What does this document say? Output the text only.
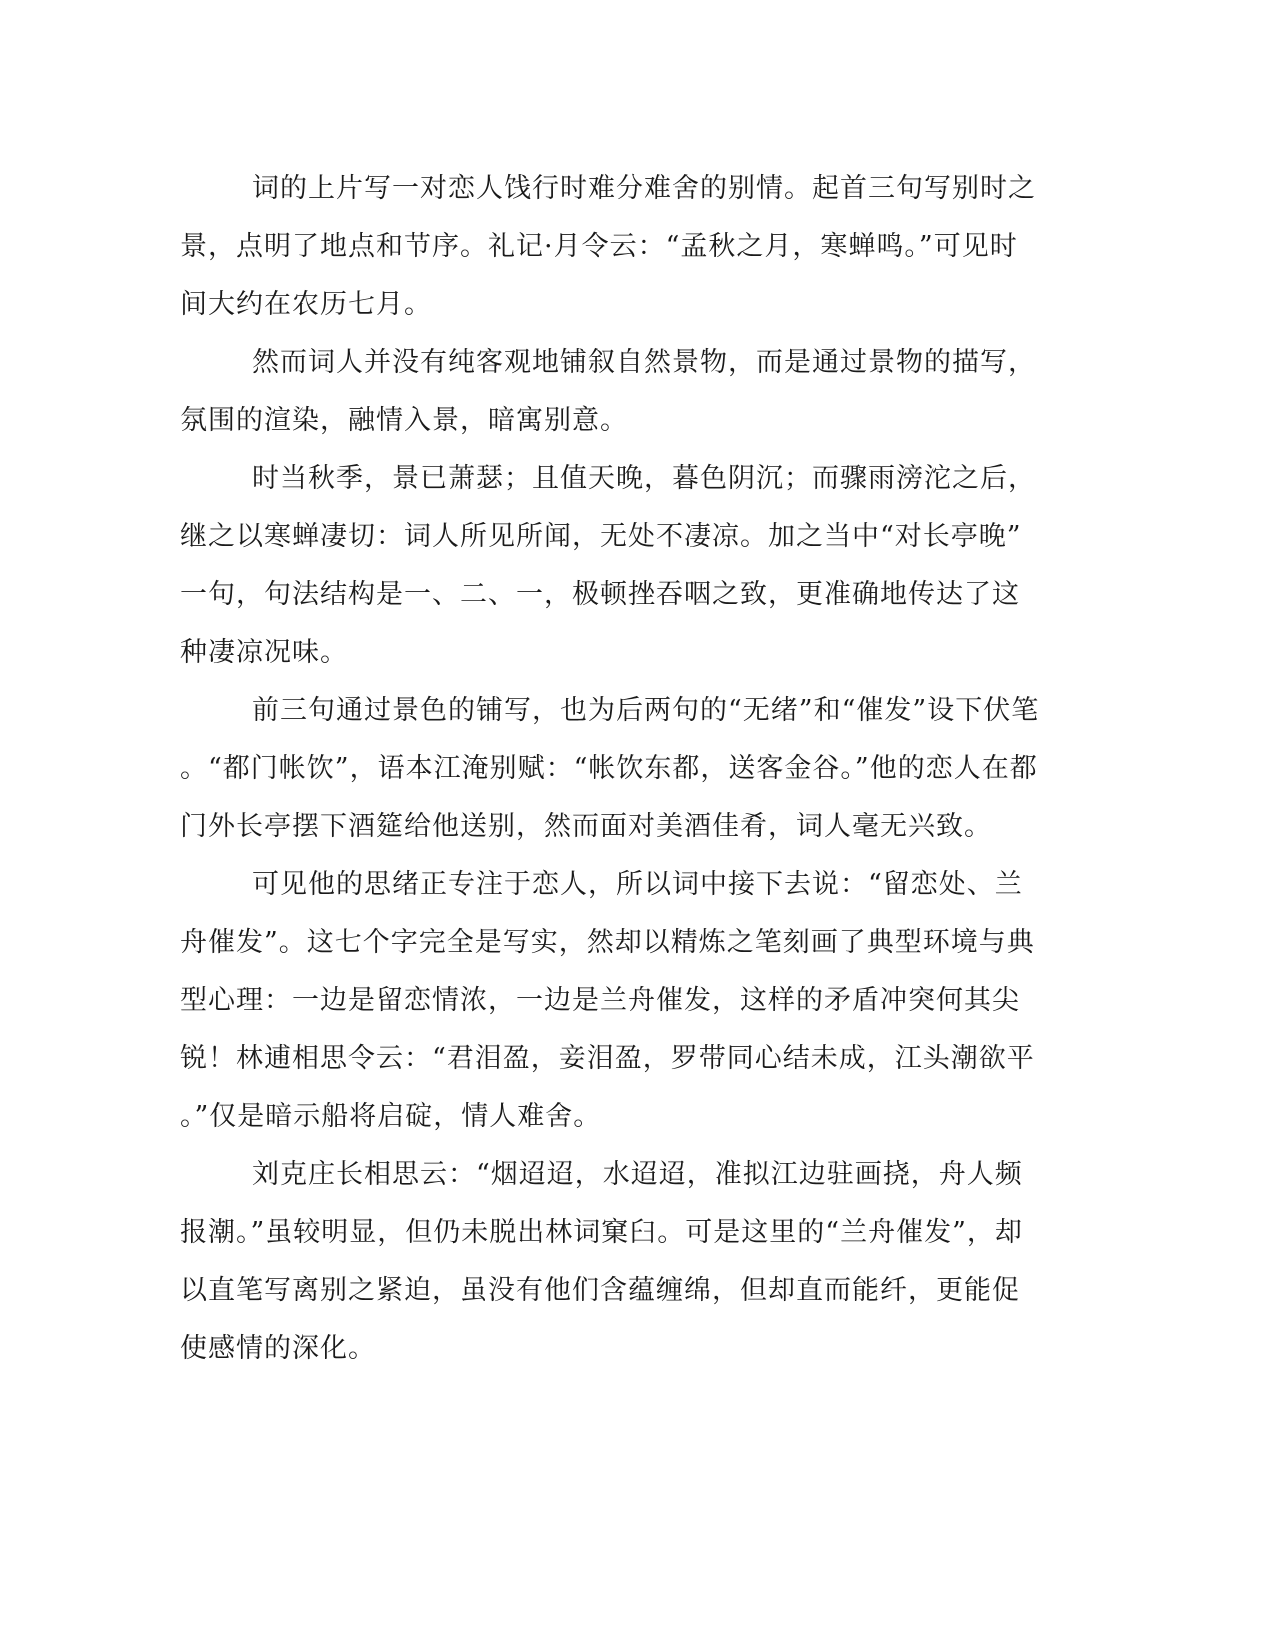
词的上片写一对恋人饯行时难分难舍的别情。起首三句写别时之
景，点明了地点和节序。礼记·月令云：“孟秋之月，寒蝉鸣。”可见时
间大约在农历七月。
然而词人并没有纯客观地铺叙自然景物，而是通过景物的描写，
氛围的渲染，融情入景，暗寓别意。
时当秋季，景已萧瑟；且值天晚，暮色阴沉；而骤雨滂沱之后，
继之以寒蝉凄切：词人所见所闻，无处不凄凉。加之当中“对长亭晚”
一句，句法结构是一、二、一，极顿挫吞咽之致，更准确地传达了这
种凄凉况味。
前三句通过景色的铺写，也为后两句的“无绪”和“催发”设下伏笔
。“都门帐饮”，语本江淹别赋：“帐饮东都，送客金谷。”他的恋人在都
门外长亭摆下酒筵给他送别，然而面对美酒佳肴，词人毫无兴致。
可见他的思绪正专注于恋人，所以词中接下去说：“留恋处、兰
舟催发”。这七个字完全是写实，然却以精炼之笔刻画了典型环境与典
型心理：一边是留恋情浓，一边是兰舟催发，这样的矛盾冲突何其尖
锐！林逋相思令云：“君泪盈，妾泪盈，罗带同心结未成，江头潮欲平
。”仅是暗示船将启碇，情人难舍。
刘克庄长相思云：“烟迢迢，水迢迢，准拟江边驻画挠，舟人频
报潮。”虽较明显，但仍未脱出林词窠臼。可是这里的“兰舟催发”，却
以直笔写离别之紧迫，虽没有他们含蕴缠绵，但却直而能纤，更能促
使感情的深化。
